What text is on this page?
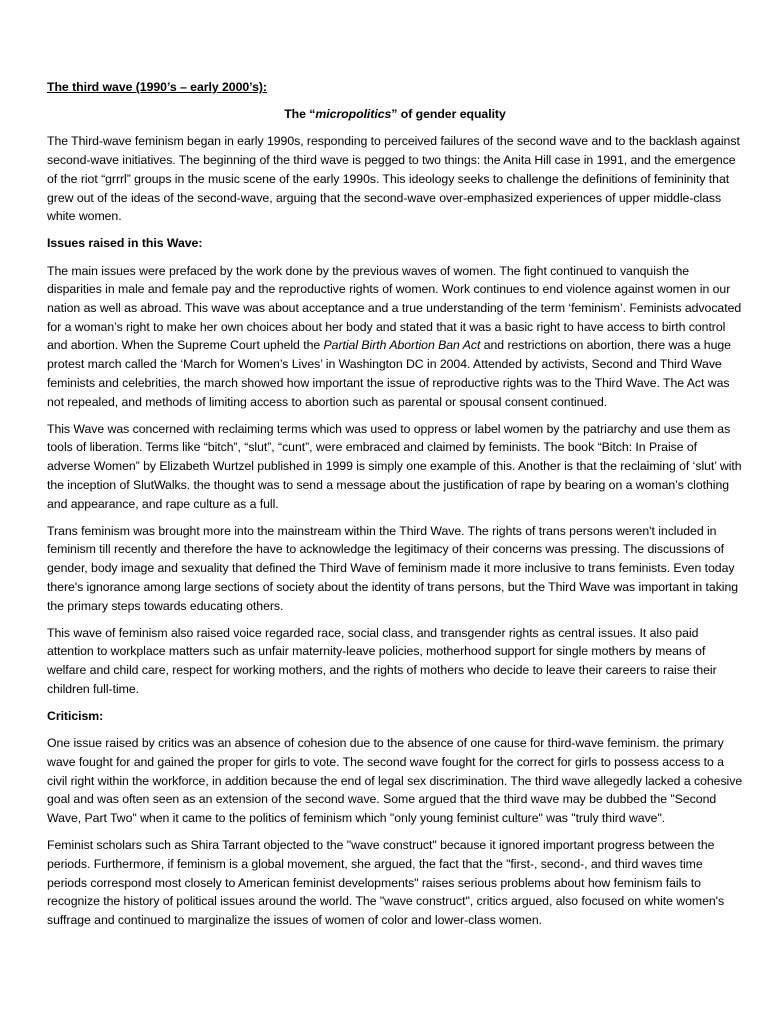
The third wave (1990’s – early 2000’s):
The “micropolitics” of gender equality

The Third-wave feminism began in early 1990s, responding to perceived failures of the second wave and to the backlash against second-wave initiatives. The beginning of the third wave is pegged to two things: the Anita Hill case in 1991, and the emergence of the riot “grrrl” groups in the music scene of the early 1990s. This ideology seeks to challenge the definitions of femininity that grew out of the ideas of the second-wave, arguing that the second-wave over-emphasized experiences of upper middle-class white women.

Issues raised in this Wave:

The main issues were prefaced by the work done by the previous waves of women. The fight continued to vanquish the disparities in male and female pay and the reproductive rights of women. Work continues to end violence against women in our nation as well as abroad. This wave was about acceptance and a true understanding of the term ‘feminism’. Feminists advocated for a woman’s right to make her own choices about her body and stated that it was a basic right to have access to birth control and abortion. When the Supreme Court upheld the Partial Birth Abortion Ban Act and restrictions on abortion, there was a huge protest march called the ‘March for Women’s Lives’ in Washington DC in 2004. Attended by activists, Second and Third Wave feminists and celebrities, the march showed how important the issue of reproductive rights was to the Third Wave. The Act was not repealed, and methods of limiting access to abortion such as parental or spousal consent continued.

This Wave was concerned with reclaiming terms which was used to oppress or label women by the patriarchy and use them as tools of liberation. Terms like “bitch”, “slut”, “cunt”, were embraced and claimed by feminists. The book “Bitch: In Praise of adverse Women” by Elizabeth Wurtzel published in 1999 is simply one example of this. Another is that the reclaiming of ‘slut’ with the inception of SlutWalks. the thought was to send a message about the justification of rape by bearing on a woman’s clothing and appearance, and rape culture as a full.

Trans feminism was brought more into the mainstream within the Third Wave. The rights of trans persons weren't included in feminism till recently and therefore the have to acknowledge the legitimacy of their concerns was pressing. The discussions of gender, body image and sexuality that defined the Third Wave of feminism made it more inclusive to trans feminists. Even today there's ignorance among large sections of society about the identity of trans persons, but the Third Wave was important in taking the primary steps towards educating others.

This wave of feminism also raised voice regarded race, social class, and transgender rights as central issues. It also paid attention to workplace matters such as unfair maternity-leave policies, motherhood support for single mothers by means of welfare and child care, respect for working mothers, and the rights of mothers who decide to leave their careers to raise their children full-time.

Criticism:

One issue raised by critics was an absence of cohesion due to the absence of one cause for third-wave feminism. the primary wave fought for and gained the proper for girls to vote. The second wave fought for the correct for girls to possess access to a civil right within the workforce, in addition because the end of legal sex discrimination. The third wave allegedly lacked a cohesive goal and was often seen as an extension of the second wave. Some argued that the third wave may be dubbed the "Second Wave, Part Two" when it came to the politics of feminism which "only young feminist culture" was "truly third wave".

Feminist scholars such as Shira Tarrant objected to the "wave construct" because it ignored important progress between the periods. Furthermore, if feminism is a global movement, she argued, the fact that the "first-, second-, and third waves time periods correspond most closely to American feminist developments" raises serious problems about how feminism fails to recognize the history of political issues around the world. The "wave construct", critics argued, also focused on white women's suffrage and continued to marginalize the issues of women of color and lower-class women.
